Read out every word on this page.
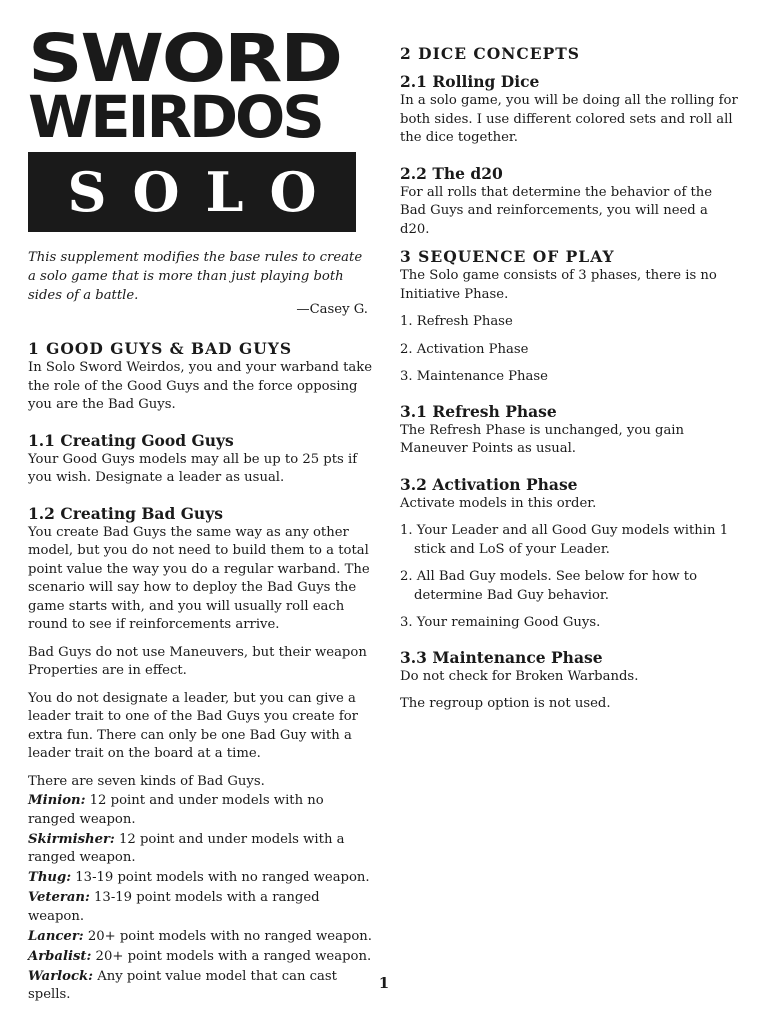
SWORD
WEIRDOS
SOLO
This supplement modifies the base rules to create a solo game that is more than just playing both sides of a battle.
—Casey G.
1 GOOD GUYS & BAD GUYS

In Solo Sword Weirdos, you and your warband take the role of the Good Guys and the force opposing you are the Bad Guys.

1.1 Creating Good Guys

Your Good Guys models may all be up to 25 pts if you wish. Designate a leader as usual.

1.2 Creating Bad Guys

You create Bad Guys the same way as any other model, but you do not need to build them to a total point value the way you do a regular warband. The scenario will say how to deploy the Bad Guys the game starts with, and you will usually roll each round to see if reinforcements arrive.

Bad Guys do not use Maneuvers, but their weapon Properties are in effect.

You do not designate a leader, but you can give a leader trait to one of the Bad Guys you create for extra fun. There can only be one Bad Guy with a leader trait on the board at a time.

There are seven kinds of Bad Guys.

Minion: 12 point and under models with no ranged weapon.
Skirmisher: 12 point and under models with a ranged weapon.
Thug: 13-19 point models with no ranged weapon.
Veteran: 13-19 point models with a ranged weapon.
Lancer: 20+ point models with no ranged weapon.
Arbalist: 20+ point models with a ranged weapon.
Warlock: Any point value model that can cast spells.
2 DICE CONCEPTS
2.1 Rolling Dice

In a solo game, you will be doing all the rolling for both sides. I use different colored sets and roll all the dice together.

2.2 The d20

For all rolls that determine the behavior of the Bad Guys and reinforcements, you will need a d20.

3 SEQUENCE OF PLAY

The Solo game consists of 3 phases, there is no Initiative Phase.

1. Refresh Phase

2. Activation Phase

3. Maintenance Phase

3.1 Refresh Phase

The Refresh Phase is unchanged, you gain Maneuver Points as usual.

3.2 Activation Phase

Activate models in this order.

1. Your Leader and all Good Guy models within 1 stick and LoS of your Leader.

2. All Bad Guy models. See below for how to determine Bad Guy behavior.

3. Your remaining Good Guys.

3.3 Maintenance Phase

Do not check for Broken Warbands.

The regroup option is not used.

1
